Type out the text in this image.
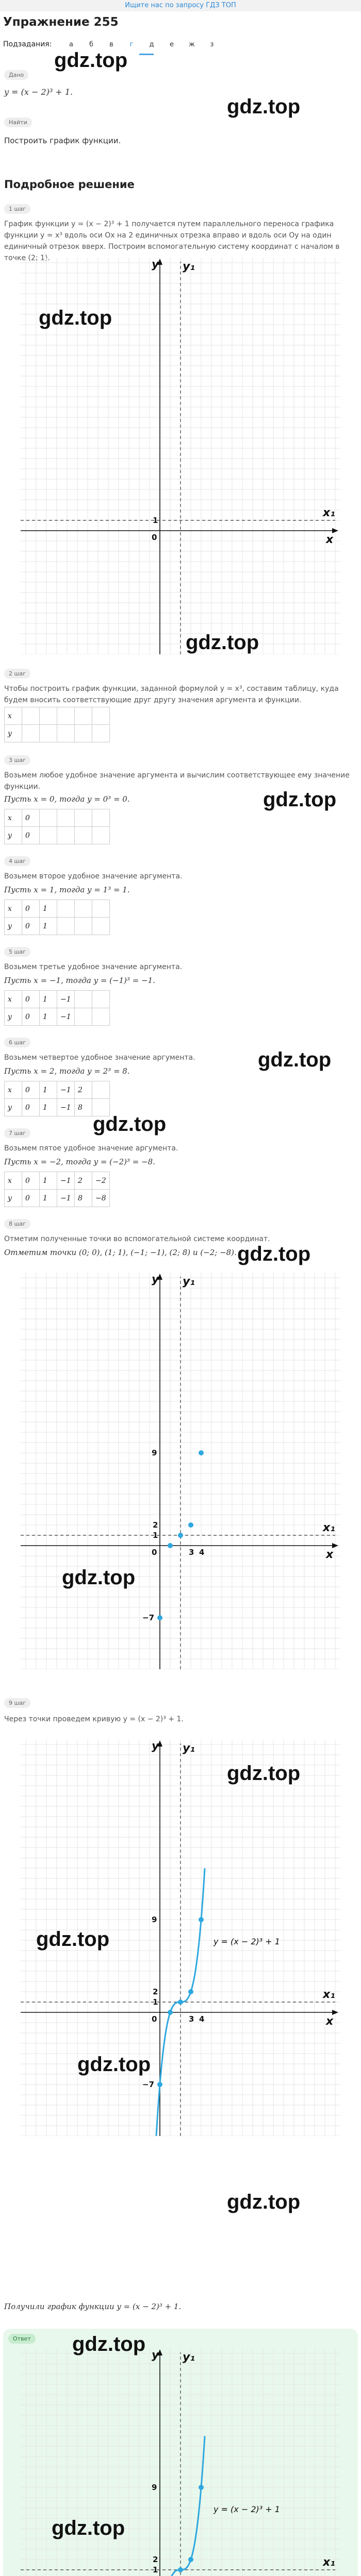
Ищите нас по запросу ГДЗ ТОП
Упражнение 255
Подзадания:	а	б	в	г	д	е	ж	з
Дано
y = (x − 2)³ + 1.
Найти
Построить график функции.
Подробное решение
1 шаг
График функции y = (x − 2)³ + 1 получается путем параллельного переноса графика функции y = x³ вдоль оси Ox на 2 единичных отрезка вправо и вдоль оси Oy на один единичный отрезок вверх. Построим вспомогательную систему координат с началом в точке (2; 1).	y y₁
x
x₁
0
1
2 шаг
Чтобы построить график функции, заданной формулой y = x³, составим таблицу, куда будем вносить соответствующие друг другу значения аргумента и функции.
x					
y					
3 шаг
Возьмем любое удобное значение аргумента и вычислим соответствующее ему значение функции.
Пусть x = 0, тогда y = 0³ = 0.
x	0				
y	0				
4 шаг
Возьмем второе удобное значение аргумента.
Пусть x = 1, тогда y = 1³ = 1.
x	0	1			
y	0	1			
5 шаг
Возьмем третье удобное значение аргумента.
Пусть x = −1, тогда y = (−1)³ = −1.
x	0	1	−1		
y	0	1	−1		
6 шаг
Возьмем четвертое удобное значение аргумента.
Пусть x = 2, тогда y = 2³ = 8.
x	0	1	−1	2	
y	0	1	−1	8	
7 шаг
Возьмем пятое удобное значение аргумента.
Пусть x = −2, тогда y = (−2)³ = −8.
x	0	1	−1	2	−2
y	0	1	−1	8	−8
8 шаг
Отметим полученные точки во вспомогательной системе координат.
Отметим точки (0; 0), (1; 1), (−1; −1), (2; 8) и (−2; −8).
y y₁
x
x₁
0
1
2
3 4
9
−7
9 шаг
Через точки проведем кривую y = (x − 2)³ + 1.
y y₁
x
x₁
0
1
2
3 4
9
−7
y = (x − 2)³ + 1
Получили график функции y = (x − 2)³ + 1.
Ответ
y y₁
x₁
1
2
9
y = (x − 2)³ + 1
gdz.top
gdz.top
gdz.top
gdz.top
gdz.top
gdz.top
gdz.top
gdz.top
gdz.top
gdz.top
gdz.top
gdz.top
gdz.top
gdz.top
gdz.top
